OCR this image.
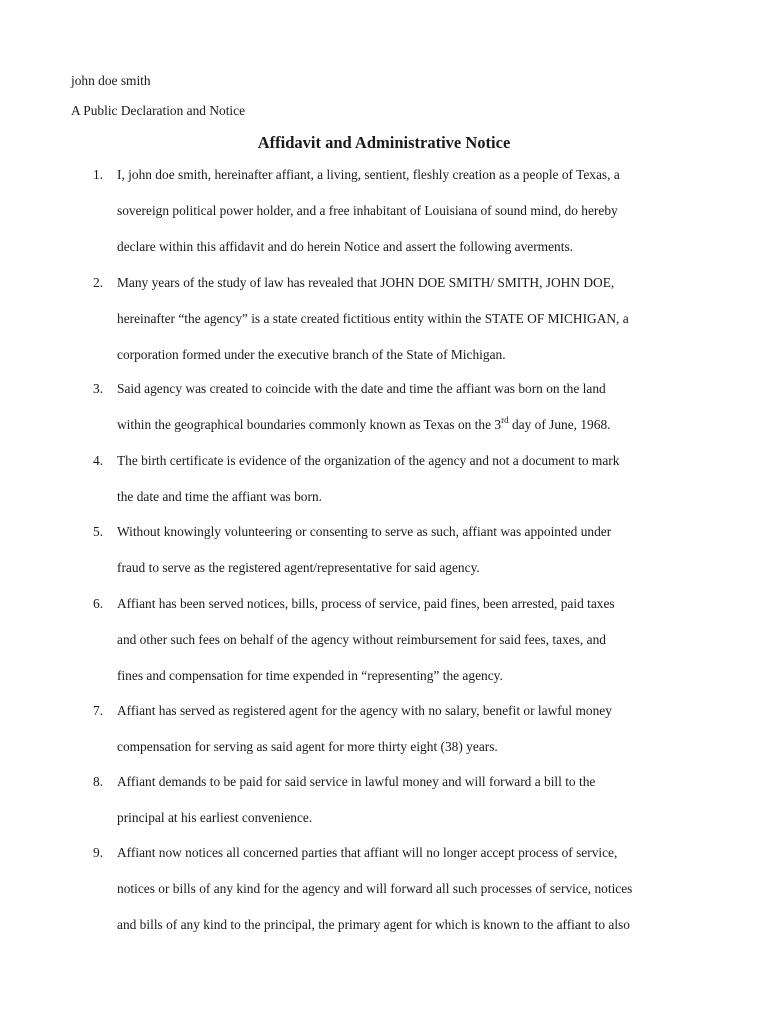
john doe smith
A Public Declaration and Notice
Affidavit and Administrative Notice
1. I, john doe smith, hereinafter affiant, a living, sentient, fleshly creation as a people of Texas, a
sovereign political power holder, and a free inhabitant of Louisiana of sound mind, do hereby
declare within this affidavit and do herein Notice and assert the following averments.
2. Many years of the study of law has revealed that JOHN DOE SMITH/ SMITH, JOHN DOE,
hereinafter “the agency” is a state created fictitious entity within the STATE OF MICHIGAN, a
corporation formed under the executive branch of the State of Michigan.
3. Said agency was created to coincide with the date and time the affiant was born on the land
within the geographical boundaries commonly known as Texas on the 3rd day of June, 1968.
4. The birth certificate is evidence of the organization of the agency and not a document to mark
the date and time the affiant was born.
5. Without knowingly volunteering or consenting to serve as such, affiant was appointed under
fraud to serve as the registered agent/representative for said agency.
6. Affiant has been served notices, bills, process of service, paid fines, been arrested, paid taxes
and other such fees on behalf of the agency without reimbursement for said fees, taxes, and
fines and compensation for time expended in “representing” the agency.
7. Affiant has served as registered agent for the agency with no salary, benefit or lawful money
compensation for serving as said agent for more thirty eight (38) years.
8. Affiant demands to be paid for said service in lawful money and will forward a bill to the
principal at his earliest convenience.
9. Affiant now notices all concerned parties that affiant will no longer accept process of service,
notices or bills of any kind for the agency and will forward all such processes of service, notices
and bills of any kind to the principal, the primary agent for which is known to the affiant to also
